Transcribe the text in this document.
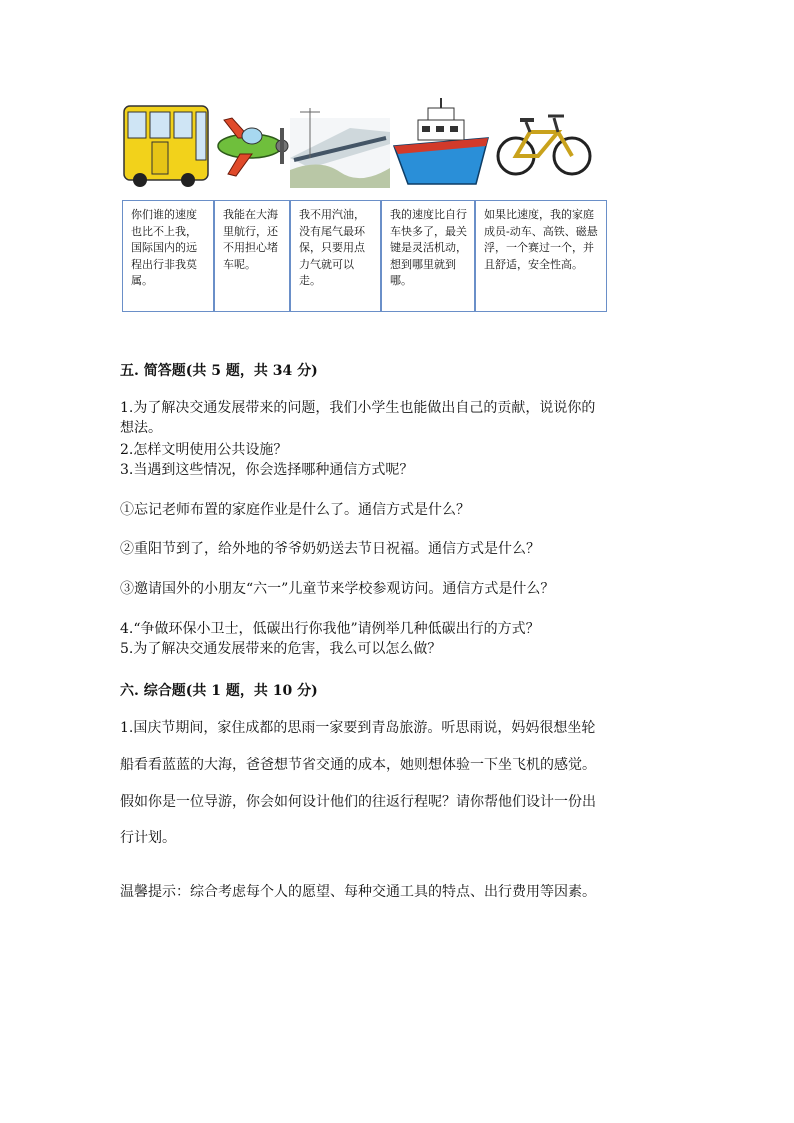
你们谁的速度也比不上我，国际国内的远程出行非我莫属。
我能在大海里航行，还不用担心堵车呢。
我不用汽油，没有尾气最环保，只要用点力气就可以走。
我的速度比自行车快多了，最关键是灵活机动，想到哪里就到哪。
如果比速度，我的家庭成员-动车、高铁、磁悬浮，一个赛过一个，并且舒适，安全性高。
五. 简答题(共 5 题，共 34 分)
1.为了解决交通发展带来的问题，我们小学生也能做出自己的贡献，说说你的
想法。
2.怎样文明使用公共设施？
3.当遇到这些情况，你会选择哪种通信方式呢？
①忘记老师布置的家庭作业是什么了。通信方式是什么？
②重阳节到了，给外地的爷爷奶奶送去节日祝福。通信方式是什么？
③邀请国外的小朋友“六一”儿童节来学校参观访问。通信方式是什么？
4.“争做环保小卫士，低碳出行你我他”请例举几种低碳出行的方式？
5.为了解决交通发展带来的危害，我么可以怎么做？
六. 综合题(共 1 题，共 10 分)
1.国庆节期间，家住成都的思雨一家要到青岛旅游。听思雨说，妈妈很想坐轮
船看看蓝蓝的大海，爸爸想节省交通的成本，她则想体验一下坐飞机的感觉。
假如你是一位导游，你会如何设计他们的往返行程呢？请你帮他们设计一份出
行计划。
温馨提示：综合考虑每个人的愿望、每种交通工具的特点、出行费用等因素。
